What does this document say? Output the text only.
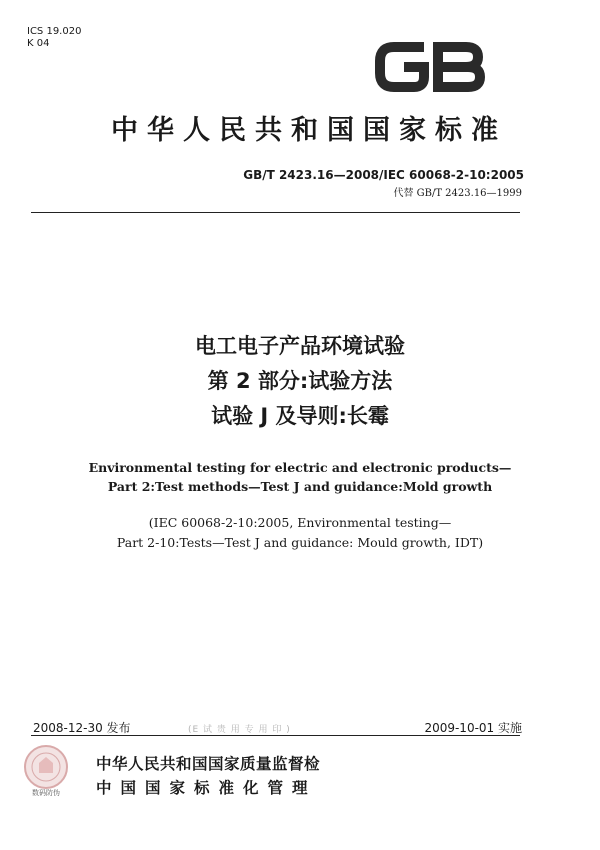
ICS 19.020
K 04
中华人民共和国国家标准
GB/T 2423.16—2008/IEC 60068-2-10:2005
代替 GB/T 2423.16—1999
电工电子产品环境试验
第 2 部分:试验方法
试验 J 及导则:长霉
Environmental testing for electric and electronic products—
Part 2:Test methods—Test J and guidance:Mold growth
(IEC 60068-2-10:2005, Environmental testing—
Part 2-10:Tests—Test J and guidance: Mould growth, IDT)
2008-12-30 发布	(E 试 贵 用 专 用 印 )	2009-10-01 实施
数码防伪
中华人民共和国国家质量监督检
中国国家标准化管理
